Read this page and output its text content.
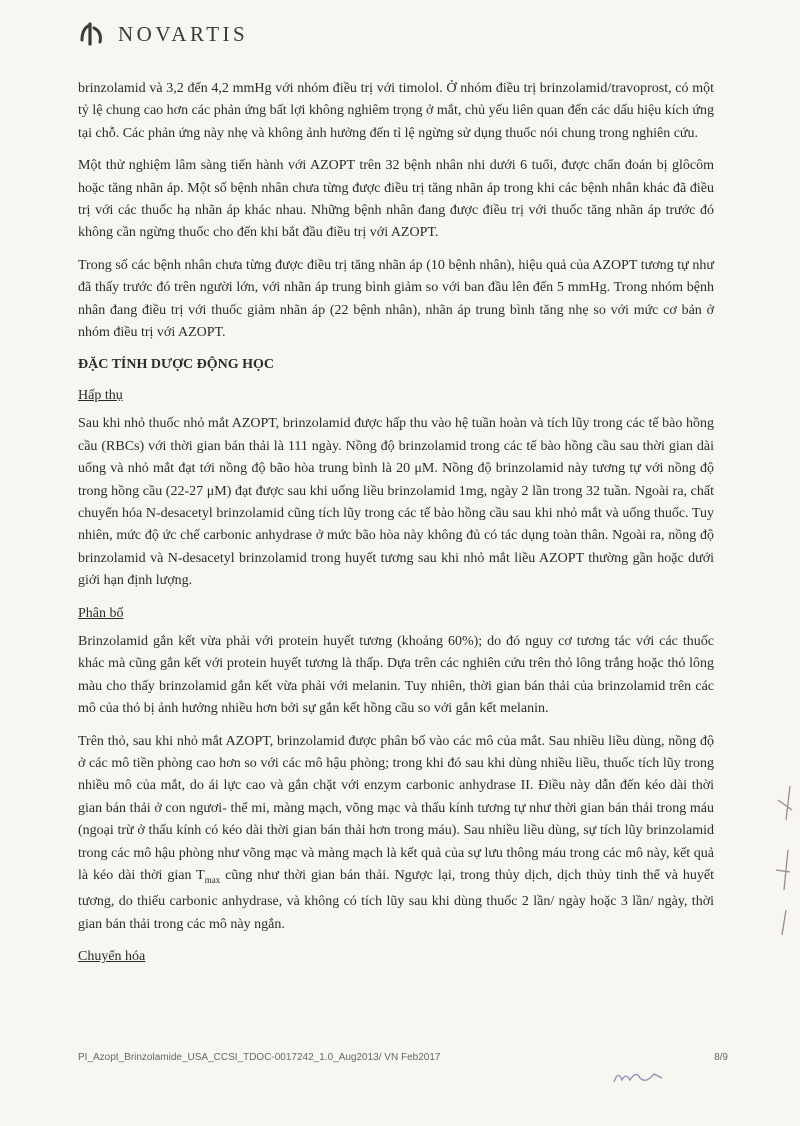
NOVARTIS

brinzolamid và 3,2 đến 4,2 mmHg với nhóm điều trị với timolol. Ở nhóm điều trị brinzolamid/travoprost, có một tỷ lệ chung cao hơn các phản ứng bất lợi không nghiêm trọng ở mắt, chủ yếu liên quan đến các dấu hiệu kích ứng tại chỗ. Các phản ứng này nhẹ và không ảnh hưởng đến tỉ lệ ngừng sử dụng thuốc nói chung trong nghiên cứu.

Một thử nghiệm lâm sàng tiến hành với AZOPT trên 32 bệnh nhân nhi dưới 6 tuổi, được chẩn đoán bị glôcôm hoặc tăng nhãn áp. Một số bệnh nhân chưa từng được điều trị tăng nhãn áp trong khi các bệnh nhân khác đã điều trị với các thuốc hạ nhãn áp khác nhau. Những bệnh nhân đang được điều trị với thuốc tăng nhãn áp trước đó không cần ngừng thuốc cho đến khi bắt đầu điều trị với AZOPT.

Trong số các bệnh nhân chưa từng được điều trị tăng nhãn áp (10 bệnh nhân), hiệu quả của AZOPT tương tự như đã thấy trước đó trên người lớn, với nhãn áp trung bình giảm so với ban đầu lên đến 5 mmHg. Trong nhóm bệnh nhân đang điều trị với thuốc giảm nhãn áp (22 bệnh nhân), nhãn áp trung bình tăng nhẹ so với mức cơ bản ở nhóm điều trị với AZOPT.

ĐẶC TÍNH DƯỢC ĐỘNG HỌC
Hấp thụ

Sau khi nhỏ thuốc nhỏ mắt AZOPT, brinzolamid được hấp thu vào hệ tuần hoàn và tích lũy trong các tế bào hồng cầu (RBCs) với thời gian bán thải là 111 ngày. Nồng độ brinzolamid trong các tế bào hồng cầu sau thời gian dài uống và nhỏ mắt đạt tới nồng độ bão hòa trung bình là 20 μM. Nồng độ brinzolamid này tương tự với nồng độ trong hồng cầu (22-27 μM) đạt được sau khi uống liều brinzolamid 1mg, ngày 2 lần trong 32 tuần. Ngoài ra, chất chuyển hóa N-desacetyl brinzolamid cũng tích lũy trong các tế bào hồng cầu sau khi nhỏ mắt và uống thuốc. Tuy nhiên, mức độ ức chế carbonic anhydrase ở mức bão hòa này không đủ có tác dụng toàn thân. Ngoài ra, nồng độ brinzolamid và N-desacetyl brinzolamid trong huyết tương sau khi nhỏ mắt liều AZOPT thường gần hoặc dưới giới hạn định lượng.

Phân bố

Brinzolamid gắn kết vừa phải với protein huyết tương (khoảng 60%); do đó nguy cơ tương tác với các thuốc khác mà cũng gắn kết với protein huyết tương là thấp. Dựa trên các nghiên cứu trên thỏ lông trắng hoặc thỏ lông màu cho thấy brinzolamid gắn kết vừa phải với melanin. Tuy nhiên, thời gian bán thải của brinzolamid trên các mô của thỏ bị ảnh hưởng nhiều hơn bởi sự gắn kết hồng cầu so với gắn kết melanin.

Trên thỏ, sau khi nhỏ mắt AZOPT, brinzolamid được phân bố vào các mô của mắt. Sau nhiều liều dùng, nồng độ ở các mô tiền phòng cao hơn so với các mô hậu phòng; trong khi đó sau khi dùng nhiều liều, thuốc tích lũy trong nhiều mô của mắt, do ái lực cao và gắn chặt với enzym carbonic anhydrase II. Điều này dẫn đến kéo dài thời gian bán thải ở con ngươi- thể mi, màng mạch, võng mạc và thấu kính tương tự như thời gian bán thải trong máu (ngoại trừ ở thấu kính có kéo dài thời gian bán thải hơn trong máu). Sau nhiều liều dùng, sự tích lũy brinzolamid trong các mô hậu phòng như võng mạc và màng mạch là kết quả của sự lưu thông máu trong các mô này, kết quả là kéo dài thời gian $T_{max}$ cũng như thời gian bán thải. Ngược lại, trong thủy dịch, dịch thủy tinh thể và huyết tương, do thiếu carbonic anhydrase, và không có tích lũy sau khi dùng thuốc 2 lần/ ngày hoặc 3 lần/ ngày, thời gian bán thải trong các mô này ngắn.

Chuyển hóa
PI_Azopt_Brinzolamide_USA_CCSI_TDOC-0017242_1.0_Aug2013/ VN Feb2017	8/9
